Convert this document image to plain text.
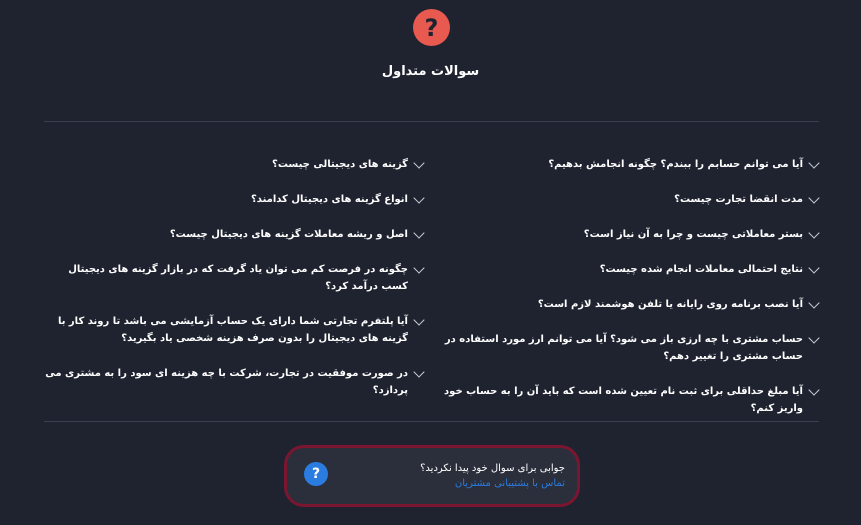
?
سوالات متداول
آیا می توانم حسابم را ببندم؟ چگونه انجامش بدهیم؟
مدت انقضا تجارت چیست؟
بستر معاملاتی چیست و چرا به آن نیاز است؟
نتایج احتمالی معاملات انجام شده چیست؟
آیا نصب برنامه روی رایانه یا تلفن هوشمند لازم است؟
حساب مشتری با چه ارزی باز می شود؟ آیا می توانم ارز مورد استفاده در حساب مشتری را تغییر دهم؟
آیا مبلغ حداقلی برای ثبت نام تعیین شده است که باید آن را به حساب خود واریز کنم؟
گزینه های دیجیتالی چیست؟
انواع گزینه های دیجیتال کدامند؟
اصل و ریشه معاملات گزینه های دیجیتال چیست؟
چگونه در فرصت کم می توان یاد گرفت که در بازار گزینه های دیجیتال کسب درآمد کرد؟
آیا پلتفرم تجارتی شما دارای یک حساب آزمایشی می باشد تا روند کار با گزینه های دیجیتال را بدون صرف هزینه شخصی یاد بگیرید؟
در صورت موفقیت در تجارت، شرکت با چه هزینه ای سود را به مشتری می پردازد؟
?	جوابی برای سوال خود پیدا نکردید؟
تماس با پشتیبانی مشتریان
